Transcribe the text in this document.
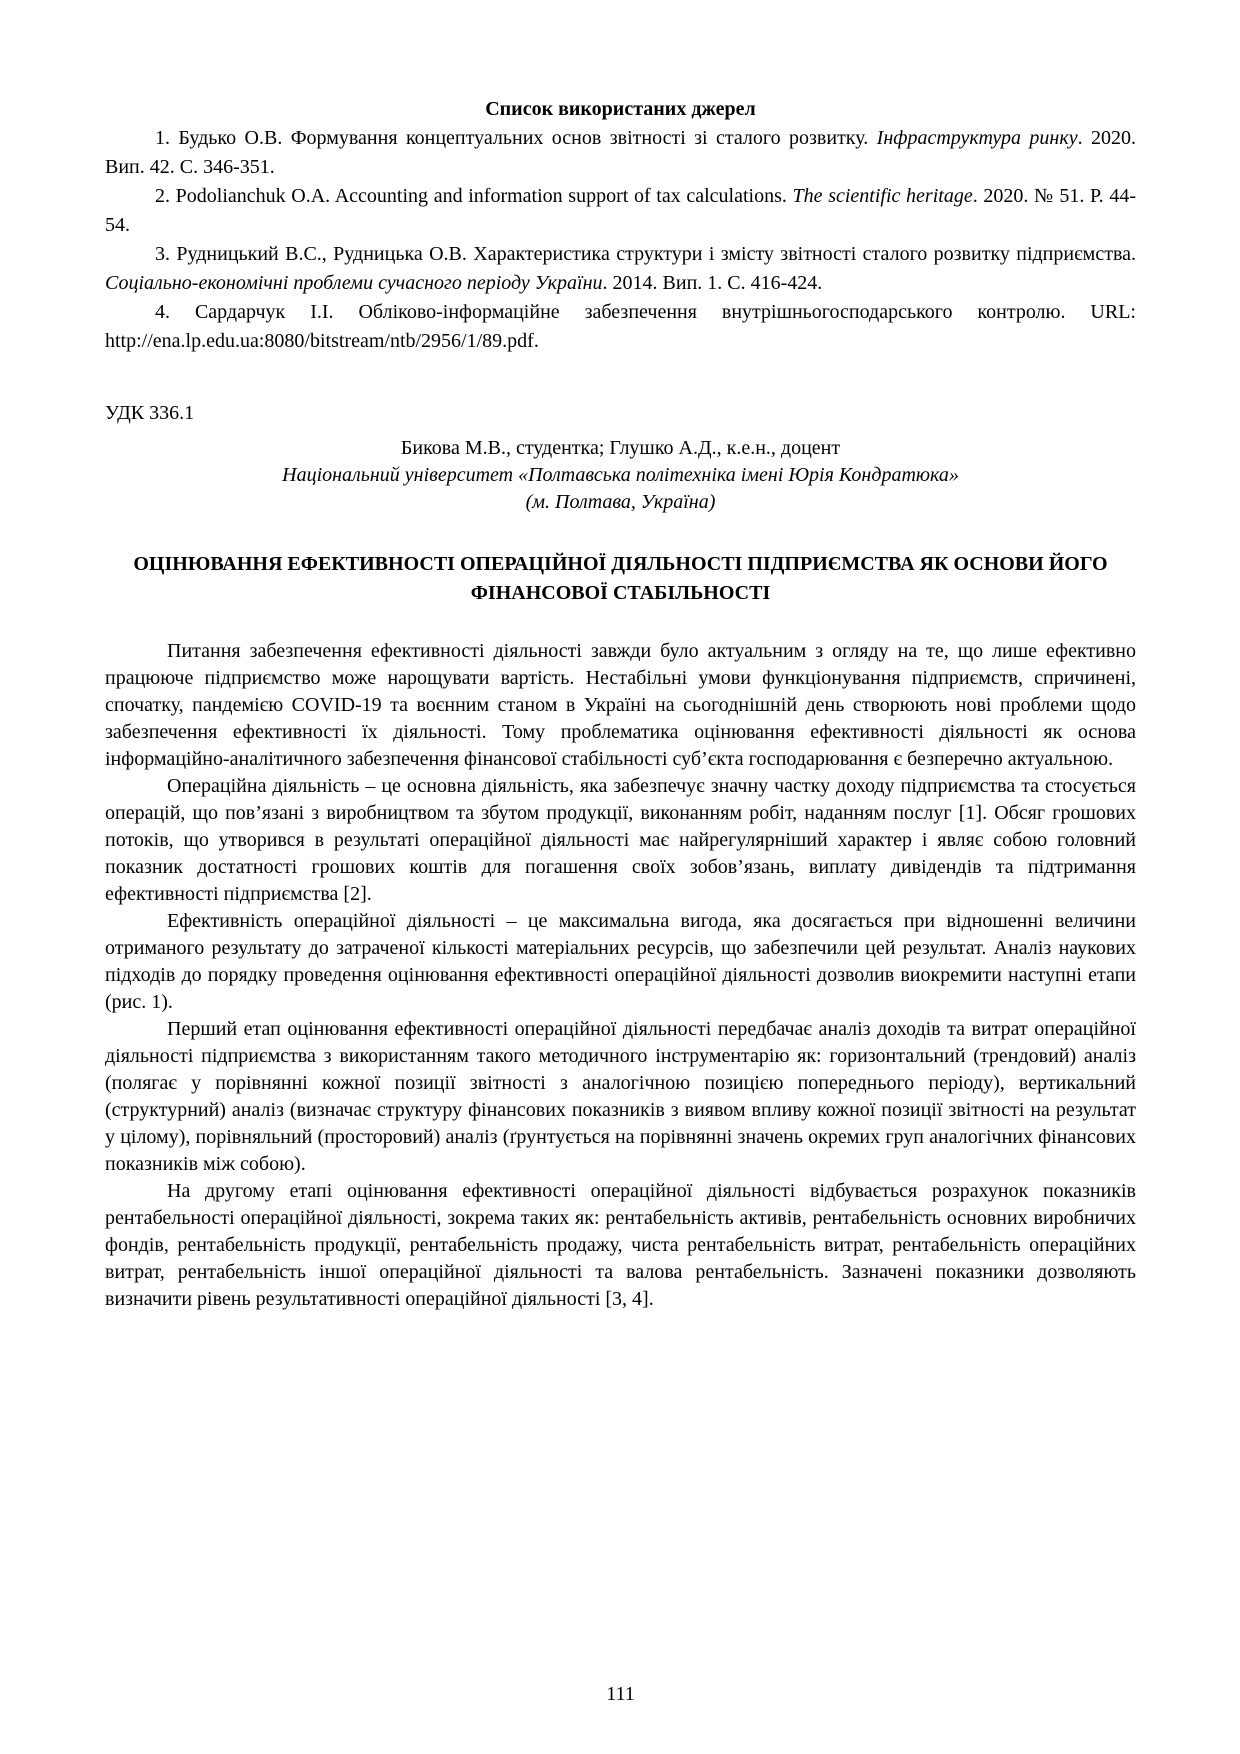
Список використаних джерел

1. Будько О.В. Формування концептуальних основ звітності зі сталого розвитку. Інфраструктура ринку. 2020. Вип. 42. С. 346-351.

2. Podolianchuk O.A. Accounting and information support of tax calculations. The scientific heritage. 2020. № 51. Р. 44-54.

3. Рудницький В.С., Рудницька О.В. Характеристика структури і змісту звітності сталого розвитку підприємства. Соціально-економічні проблеми сучасного періоду України. 2014. Вип. 1. С. 416-424.

4. Сардарчук І.І. Обліково-інформаційне забезпечення внутрішньогосподарського контролю. URL: http://ena.lp.edu.ua:8080/bitstream/ntb/2956/1/89.pdf.

УДК 336.1

Бикова М.В., студентка; Глушко А.Д., к.е.н., доцент

Національний університет «Полтавська політехніка імені Юрія Кондратюка»

(м. Полтава, Україна)

ОЦІНЮВАННЯ ЕФЕКТИВНОСТІ ОПЕРАЦІЙНОЇ ДІЯЛЬНОСТІ ПІДПРИЄМСТВА ЯК ОСНОВИ ЙОГО ФІНАНСОВОЇ СТАБІЛЬНОСТІ

Питання забезпечення ефективності діяльності завжди було актуальним з огляду на те, що лише ефективно працююче підприємство може нарощувати вартість. Нестабільні умови функціонування підприємств, спричинені, спочатку, пандемією COVID-19 та воєнним станом в Україні на сьогоднішній день створюють нові проблеми щодо забезпечення ефективності їх діяльності. Тому проблематика оцінювання ефективності діяльності як основа інформаційно-аналітичного забезпечення фінансової стабільності суб’єкта господарювання є безперечно актуальною.

Операційна діяльність – це основна діяльність, яка забезпечує значну частку доходу підприємства та стосується операцій, що пов’язані з виробництвом та збутом продукції, виконанням робіт, наданням послуг [1]. Обсяг грошових потоків, що утворився в результаті операційної діяльності має найрегулярніший характер і являє собою головний показник достатності грошових коштів для погашення своїх зобов’язань, виплату дивідендів та підтримання ефективності підприємства [2].

Ефективність операційної діяльності – це максимальна вигода, яка досягається при відношенні величини отриманого результату до затраченої кількості матеріальних ресурсів, що забезпечили цей результат. Аналіз наукових підходів до порядку проведення оцінювання ефективності операційної діяльності дозволив виокремити наступні етапи (рис. 1).

Перший етап оцінювання ефективності операційної діяльності передбачає аналіз доходів та витрат операційної діяльності підприємства з використанням такого методичного інструментарію як: горизонтальний (трендовий) аналіз (полягає у порівнянні кожної позиції звітності з аналогічною позицією попереднього періоду), вертикальний (структурний) аналіз (визначає структуру фінансових показників з виявом впливу кожної позиції звітності на результат у цілому), порівняльний (просторовий) аналіз (ґрунтується на порівнянні значень окремих груп аналогічних фінансових показників між собою).

На другому етапі оцінювання ефективності операційної діяльності відбувається розрахунок показників рентабельності операційної діяльності, зокрема таких як: рентабельність активів, рентабельність основних виробничих фондів, рентабельність продукції, рентабельність продажу, чиста рентабельність витрат, рентабельність операційних витрат, рентабельність іншої операційної діяльності та валова рентабельність. Зазначені показники дозволяють визначити рівень результативності операційної діяльності [3, 4].

111
